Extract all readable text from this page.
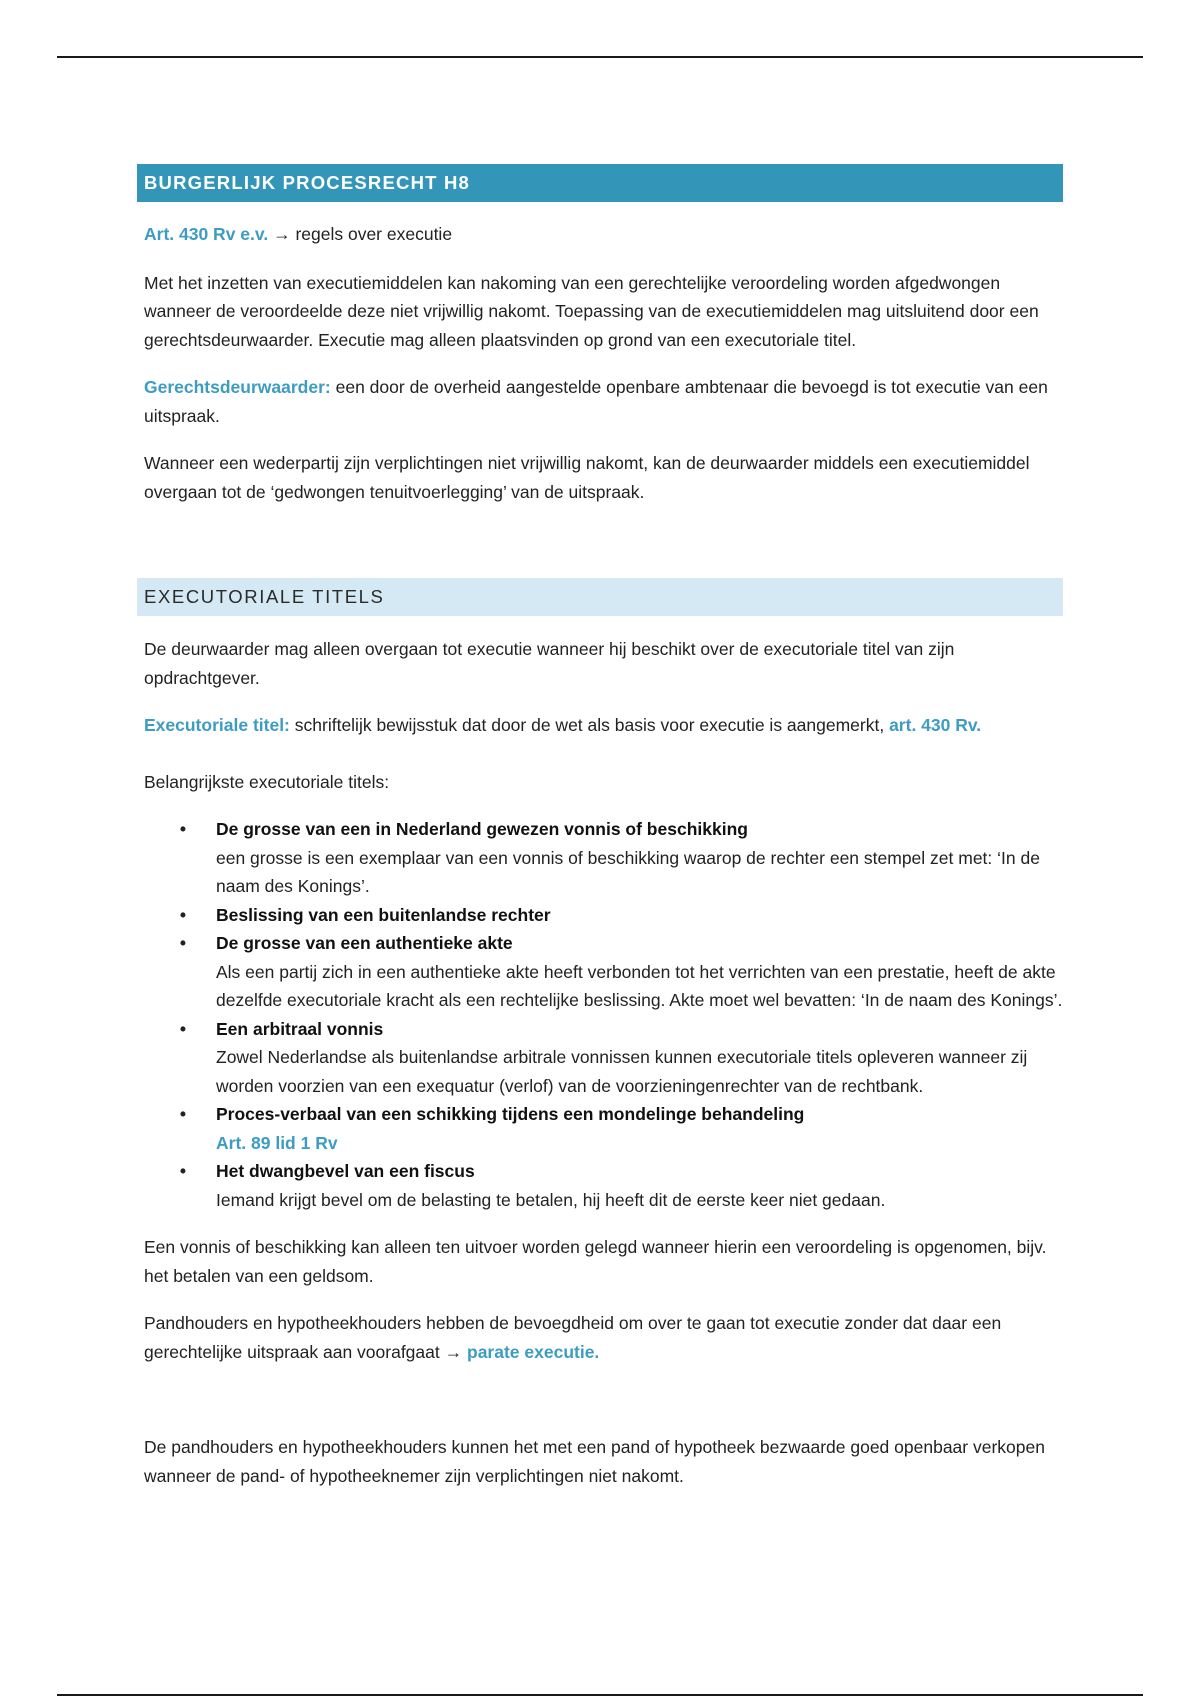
BURGERLIJK PROCESRECHT H8

Art. 430 Rv e.v. → regels over executie

Met het inzetten van executiemiddelen kan nakoming van een gerechtelijke veroordeling worden afgedwongen wanneer de veroordeelde deze niet vrijwillig nakomt. Toepassing van de executiemiddelen mag uitsluitend door een gerechtsdeurwaarder. Executie mag alleen plaatsvinden op grond van een executoriale titel.

Gerechtsdeurwaarder: een door de overheid aangestelde openbare ambtenaar die bevoegd is tot executie van een uitspraak.

Wanneer een wederpartij zijn verplichtingen niet vrijwillig nakomt, kan de deurwaarder middels een executiemiddel overgaan tot de ‘gedwongen tenuitvoerlegging’ van de uitspraak.

EXECUTORIALE TITELS

De deurwaarder mag alleen overgaan tot executie wanneer hij beschikt over de executoriale titel van zijn opdrachtgever.

Executoriale titel: schriftelijk bewijsstuk dat door de wet als basis voor executie is aangemerkt, art. 430 Rv.

Belangrijkste executoriale titels:

• De grosse van een in Nederland gewezen vonnis of beschikking
een grosse is een exemplaar van een vonnis of beschikking waarop de rechter een stempel zet met: ‘In de naam des Konings’.
• Beslissing van een buitenlandse rechter
• De grosse van een authentieke akte
Als een partij zich in een authentieke akte heeft verbonden tot het verrichten van een prestatie, heeft de akte dezelfde executoriale kracht als een rechtelijke beslissing. Akte moet wel bevatten: ‘In de naam des Konings’.
• Een arbitraal vonnis
Zowel Nederlandse als buitenlandse arbitrale vonnissen kunnen executoriale titels opleveren wanneer zij worden voorzien van een exequatur (verlof) van de voorzieningenrechter van de rechtbank.
• Proces-verbaal van een schikking tijdens een mondelinge behandeling
Art. 89 lid 1 Rv
• Het dwangbevel van een fiscus
Iemand krijgt bevel om de belasting te betalen, hij heeft dit de eerste keer niet gedaan.

Een vonnis of beschikking kan alleen ten uitvoer worden gelegd wanneer hierin een veroordeling is opgenomen, bijv. het betalen van een geldsom.

Pandhouders en hypotheekhouders hebben de bevoegdheid om over te gaan tot executie zonder dat daar een gerechtelijke uitspraak aan voorafgaat → parate executie.

De pandhouders en hypotheekhouders kunnen het met een pand of hypotheek bezwaarde goed openbaar verkopen wanneer de pand- of hypotheeknemer zijn verplichtingen niet nakomt.
